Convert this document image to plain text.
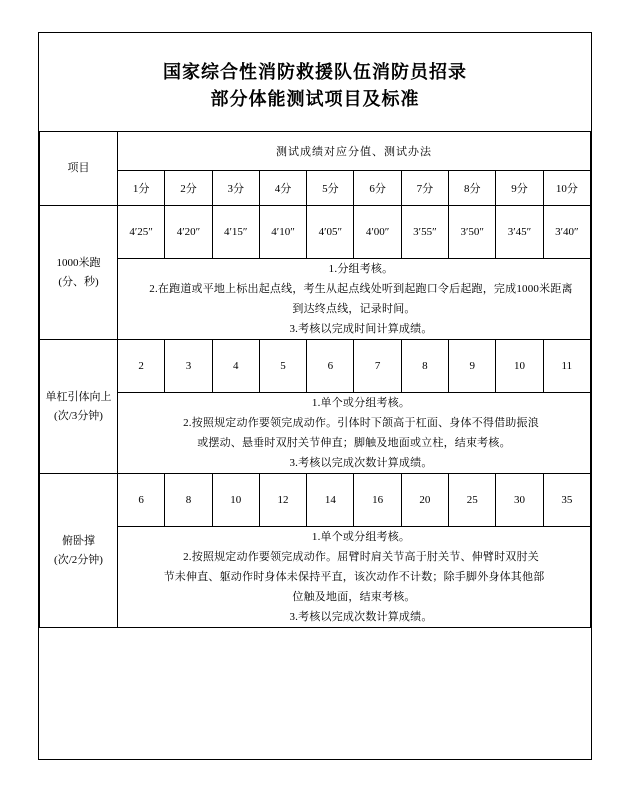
国家综合性消防救援队伍消防员招录
部分体能测试项目及标准
项目	测试成绩对应分值、测试办法									
	1分	2分	3分	4分	5分	6分	7分	8分	9分	10分

1000米跑
(分、秒)	4′25″	4′20″	4′15″	4′10″	4′05″	4′00″	3′55″	3′50″	3′45″	3′40″

	1.分组考核。

2.在跑道或平地上标出起点线，考生从起点线处听到起跑口令后起跑，完成1000米距离

到达终点线，记录时间。

3.考核以完成时间计算成绩。									

单杠引体向上
(次/3分钟)	2	3	4	5	6	7	8	9	10	11

	1.单个或分组考核。

2.按照规定动作要领完成动作。引体时下颌高于杠面、身体不得借助振浪

或摆动、悬垂时双肘关节伸直；脚触及地面或立柱，结束考核。

3.考核以完成次数计算成绩。									

俯卧撑
(次/2分钟)	6	8	10	12	14	16	20	25	30	35

	1.单个或分组考核。

2.按照规定动作要领完成动作。屈臂时肩关节高于肘关节、伸臂时双肘关

节未伸直、躯动作时身体未保持平直，该次动作不计数；除手脚外身体其他部

位触及地面，结束考核。

3.考核以完成次数计算成绩。									
